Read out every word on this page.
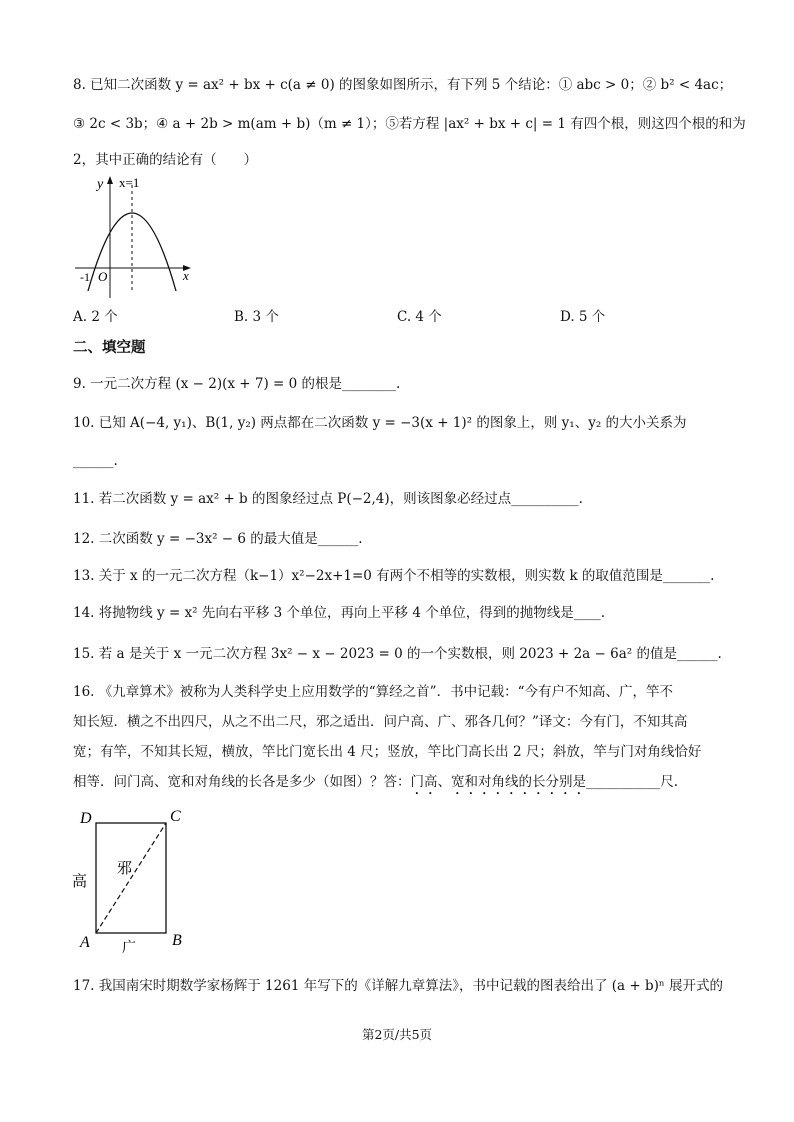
8. 已知二次函数 y = ax² + bx + c(a ≠ 0) 的图象如图所示，有下列 5 个结论：① abc > 0；② b² < 4ac；
③ 2c < 3b；④ a + 2b > m(am + b)（m ≠ 1）；⑤若方程 |ax² + bx + c| = 1 有四个根，则这四个根的和为
2，其中正确的结论有（　　）
y x=1
x
-1 O
A. 2 个	B. 3 个	C. 4 个	D. 5 个
二、填空题
9. 一元二次方程 (x − 2)(x + 7) = 0 的根是________.
10. 已知 A(−4, y₁)、B(1, y₂) 两点都在二次函数 y = −3(x + 1)² 的图象上，则 y₁、y₂ 的大小关系为
______.
11. 若二次函数 y = ax² + b 的图象经过点 P(−2,4)，则该图象必经过点__________.
12. 二次函数 y = −3x² − 6 的最大值是______.
13. 关于 x 的一元二次方程（k−1）x²−2x+1=0 有两个不相等的实数根，则实数 k 的取值范围是_______.
14. 将抛物线 y = x² 先向右平移 3 个单位，再向上平移 4 个单位，得到的抛物线是____.
15. 若 a 是关于 x 一元二次方程 3x² − x − 2023 = 0 的一个实数根，则 2023 + 2a − 6a² 的值是______.
16. 《九章算术》被称为人类科学史上应用数学的“算经之首”．书中记载：“今有户不知高、广，竿不
知长短．横之不出四尺，从之不出二尺，邪之适出．问户高、广、邪各几何？”译文：今有门，不知其高
宽；有竿，不知其长短，横放，竿比门宽长出 4 尺；竖放，竿比门高长出 2 尺；斜放，竿与门对角线恰好
相等．问门高、宽和对角线的长各是多少（如图）？答：门高、宽和对角线的长分别是___________尺.
D	C
A	B
高
邪
广
17. 我国南宋时期数学家杨辉于 1261 年写下的《详解九章算法》，书中记载的图表给出了 (a + b)ⁿ 展开式的
第2页/共5页
